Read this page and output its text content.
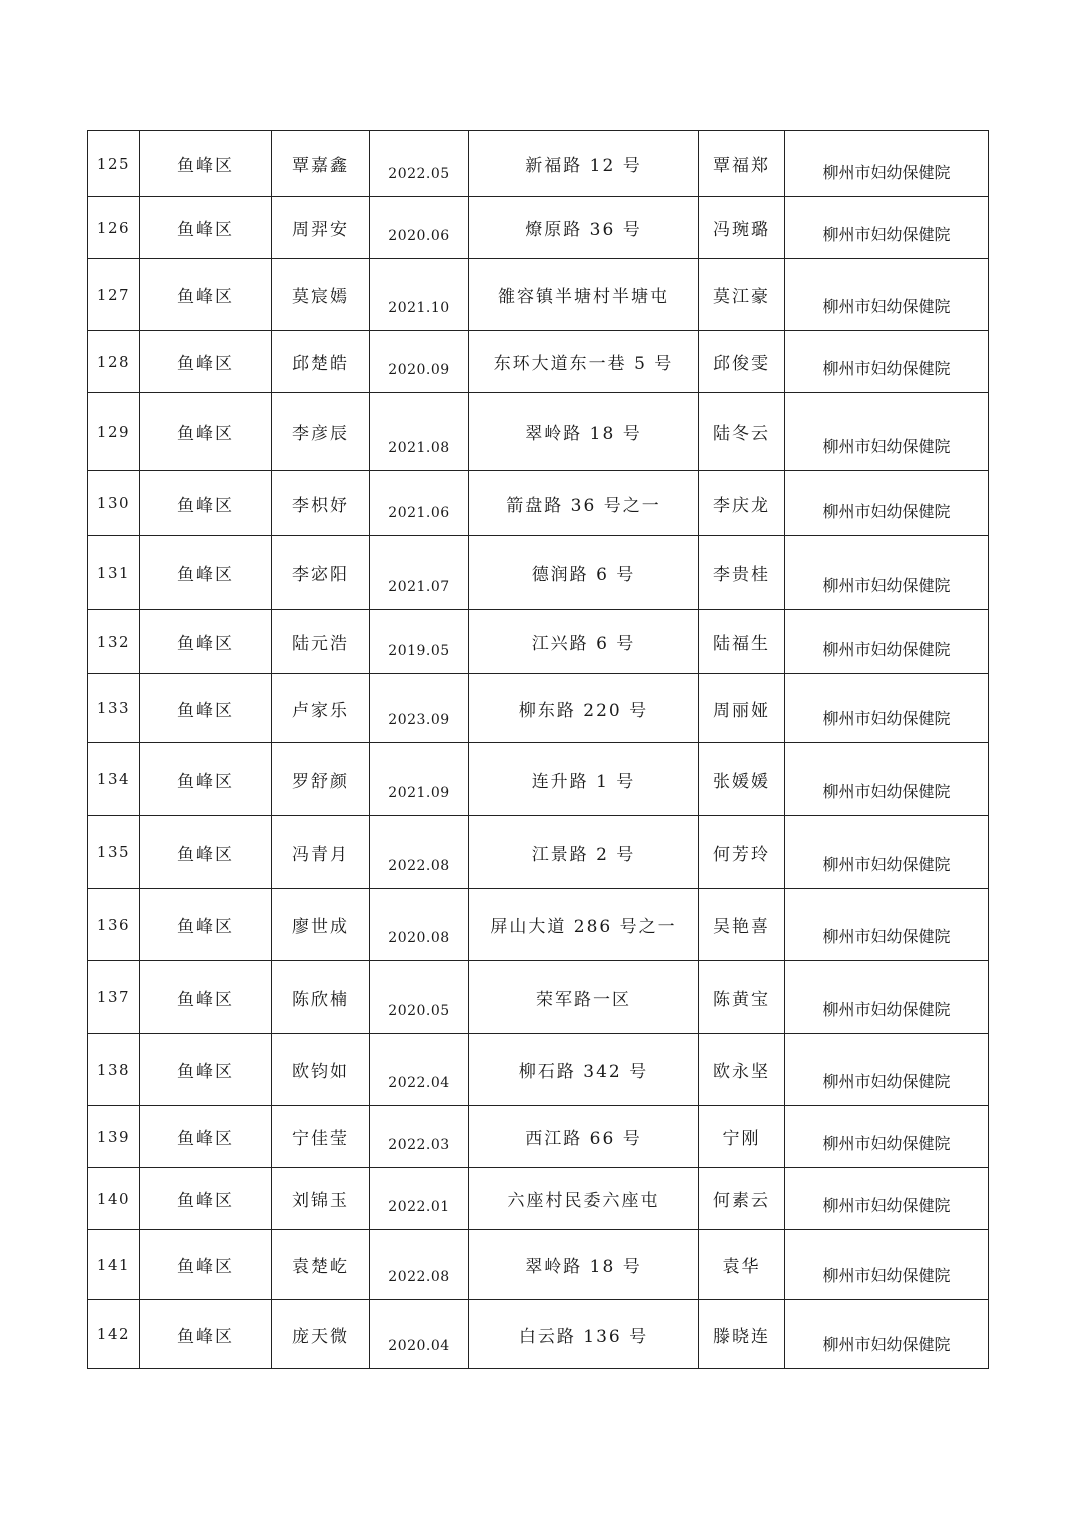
125	鱼峰区	覃嘉鑫	2022.05	新福路 12 号	覃福郑	柳州市妇幼保健院
126	鱼峰区	周羿安	2020.06	燎原路 36 号	冯琬璐	柳州市妇幼保健院
127	鱼峰区	莫宸嫣	2021.10	雒容镇半塘村半塘屯	莫江豪	柳州市妇幼保健院
128	鱼峰区	邱楚皓	2020.09	东环大道东一巷 5 号	邱俊雯	柳州市妇幼保健院
129	鱼峰区	李彦辰	2021.08	翠岭路 18 号	陆冬云	柳州市妇幼保健院
130	鱼峰区	李枳妤	2021.06	箭盘路 36 号之一	李庆龙	柳州市妇幼保健院
131	鱼峰区	李宓阳	2021.07	德润路 6 号	李贵桂	柳州市妇幼保健院
132	鱼峰区	陆元浩	2019.05	江兴路 6 号	陆福生	柳州市妇幼保健院
133	鱼峰区	卢家乐	2023.09	柳东路 220 号	周丽娅	柳州市妇幼保健院
134	鱼峰区	罗舒颜	2021.09	连升路 1 号	张媛媛	柳州市妇幼保健院
135	鱼峰区	冯青月	2022.08	江景路 2 号	何芳玲	柳州市妇幼保健院
136	鱼峰区	廖世成	2020.08	屏山大道 286 号之一	吴艳喜	柳州市妇幼保健院
137	鱼峰区	陈欣楠	2020.05	荣军路一区	陈黄宝	柳州市妇幼保健院
138	鱼峰区	欧钧如	2022.04	柳石路 342 号	欧永坚	柳州市妇幼保健院
139	鱼峰区	宁佳莹	2022.03	西江路 66 号	宁刚	柳州市妇幼保健院
140	鱼峰区	刘锦玉	2022.01	六座村民委六座屯	何素云	柳州市妇幼保健院
141	鱼峰区	袁楚屹	2022.08	翠岭路 18 号	袁华	柳州市妇幼保健院
142	鱼峰区	庞天微	2020.04	白云路 136 号	滕晓连	柳州市妇幼保健院
